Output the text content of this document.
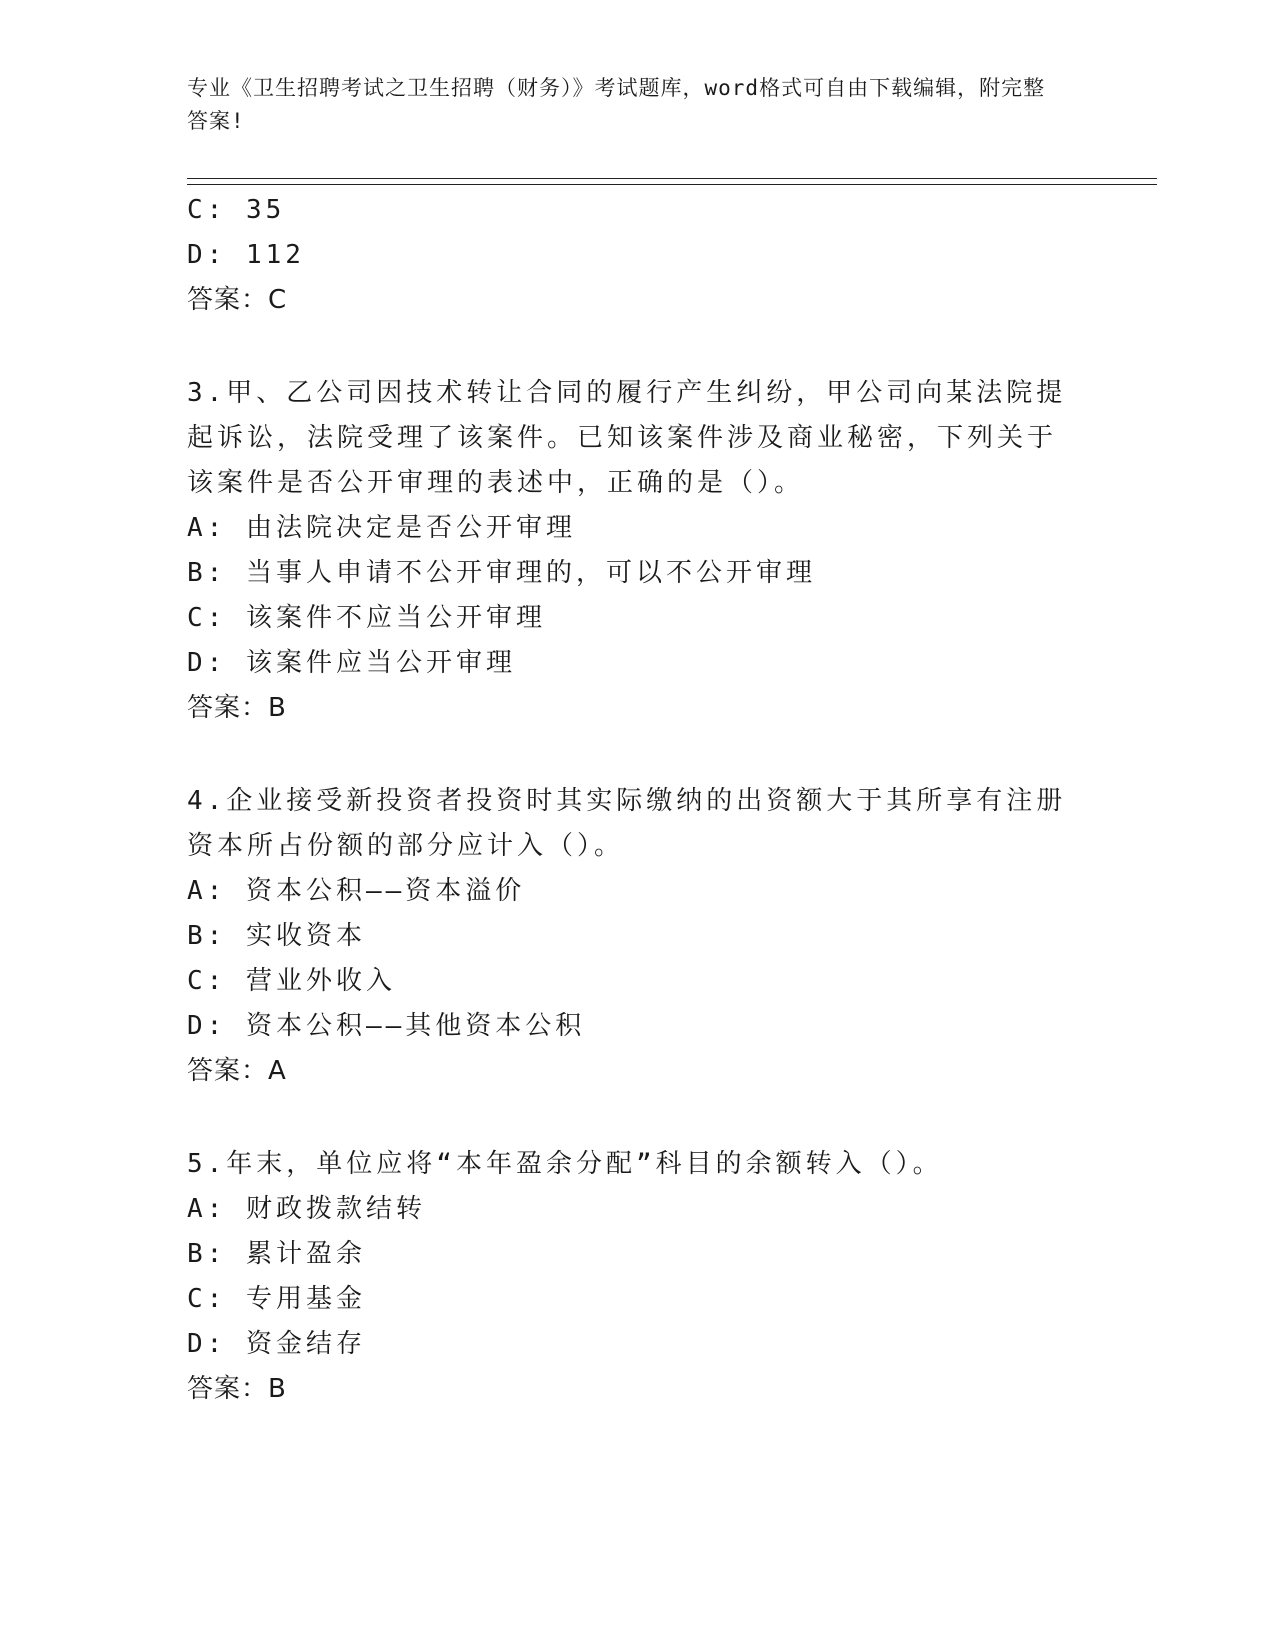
专业《卫生招聘考试之卫生招聘（财务）》考试题库，word格式可自由下载编辑，附完整答案!
C: 35
D: 112
答案：C
3.甲、乙公司因技术转让合同的履行产生纠纷，甲公司向某法院提起诉讼，法院受理了该案件。已知该案件涉及商业秘密，下列关于该案件是否公开审理的表述中，正确的是（）。
A: 由法院决定是否公开审理
B: 当事人申请不公开审理的，可以不公开审理
C: 该案件不应当公开审理
D: 该案件应当公开审理
答案：B
4.企业接受新投资者投资时其实际缴纳的出资额大于其所享有注册资本所占份额的部分应计入（）。
A: 资本公积——资本溢价
B: 实收资本
C: 营业外收入
D: 资本公积——其他资本公积
答案：A
5.年末，单位应将“本年盈余分配”科目的余额转入（）。
A: 财政拨款结转
B: 累计盈余
C: 专用基金
D: 资金结存
答案：B
